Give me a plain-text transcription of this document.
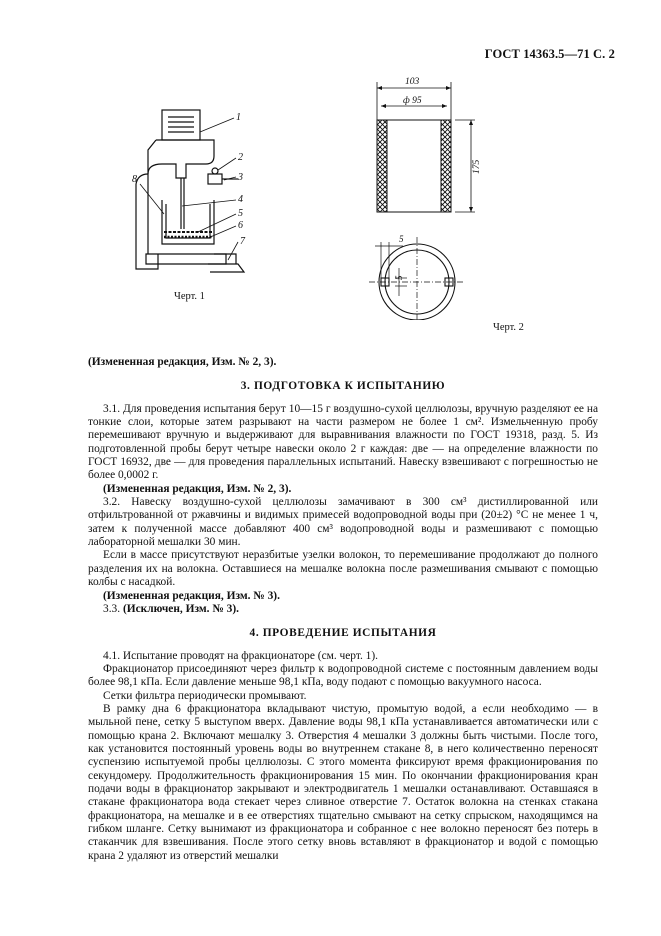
ГОСТ 14363.5—71 С. 2
1
2
3
4
5
6
7
8
Черт. 1
103
ф 95
175
5
5
Черт. 2

(Измененная редакция, Изм. № 2, 3).

3. ПОДГОТОВКА К ИСПЫТАНИЮ

3.1. Для проведения испытания берут 10—15 г воздушно-сухой целлюлозы, вручную разделяют ее на тонкие слои, которые затем разрывают на части размером не более 1 см². Измельченную пробу перемешивают вручную и выдерживают для выравнивания влажности по ГОСТ 19318, разд. 5. Из подготовленной пробы берут четыре навески около 2 г каждая: две — на определение влажности по ГОСТ 16932, две — для проведения параллельных испытаний. Навеску взвешивают с погрешностью не более 0,0002 г.

(Измененная редакция, Изм. № 2, 3).

3.2. Навеску воздушно-сухой целлюлозы замачивают в 300 см³ дистиллированной или отфильтрованной от ржавчины и видимых примесей водопроводной воды при (20±2) °С не менее 1 ч, затем к полученной массе добавляют 400 см³ водопроводной воды и размешивают с помощью лабораторной мешалки 30 мин.

Если в массе присутствуют неразбитые узелки волокон, то перемешивание продолжают до полного разделения их на волокна. Оставшиеся на мешалке волокна после размешивания смывают с помощью колбы с насадкой.

(Измененная редакция, Изм. № 3).

3.3. (Исключен, Изм. № 3).

4. ПРОВЕДЕНИЕ ИСПЫТАНИЯ

4.1. Испытание проводят на фракционаторе (см. черт. 1).

Фракционатор присоединяют через фильтр к водопроводной системе с постоянным давлением воды более 98,1 кПа. Если давление меньше 98,1 кПа, воду подают с помощью вакуумного насоса.

Сетки фильтра периодически промывают.

В рамку дна 6 фракционатора вкладывают чистую, промытую водой, а если необходимо — в мыльной пене, сетку 5 выступом вверх. Давление воды 98,1 кПа устанавливается автоматически или с помощью крана 2. Включают мешалку 3. Отверстия 4 мешалки 3 должны быть чистыми. После того, как установится постоянный уровень воды во внутреннем стакане 8, в него количественно переносят суспензию испытуемой пробы целлюлозы. С этого момента фиксируют время фракционирования по секундомеру. Продолжительность фракционирования 15 мин. По окончании фракционирования кран подачи воды в фракционатор закрывают и электродвигатель 1 мешалки останавливают. Оставшаяся в стакане фракционатора вода стекает через сливное отверстие 7. Остаток волокна на стенках стакана фракционатора, на мешалке и в ее отверстиях тщательно смывают на сетку спрыском, находящимся на гибком шланге. Сетку вынимают из фракционатора и собранное с нее волокно переносят без потерь в стаканчик для взвешивания. После этого сетку вновь вставляют в фракционатор и водой с помощью крана 2 удаляют из отверстий мешалки
